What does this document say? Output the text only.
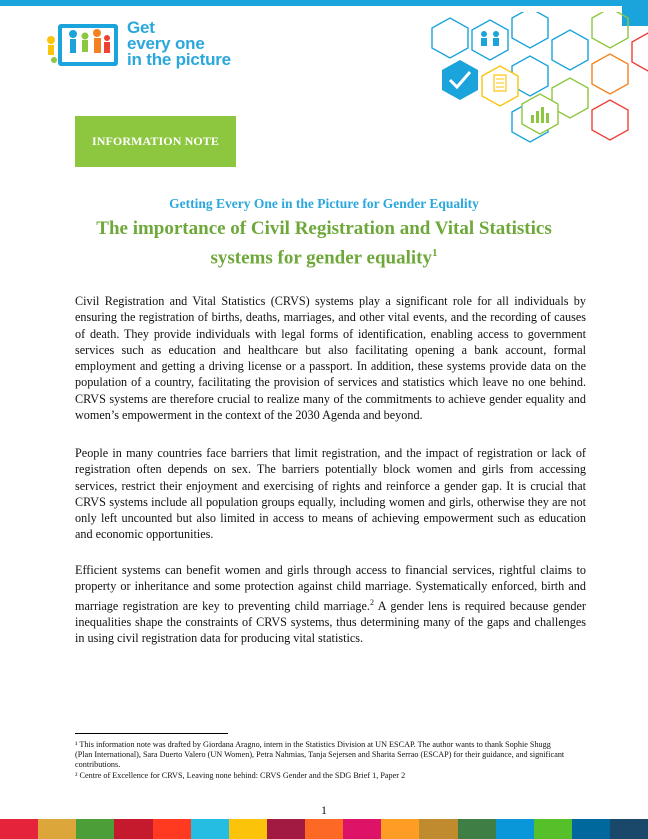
Get
every one
in the picture
INFORMATION NOTE
Getting Every One in the Picture for Gender Equality
The importance of Civil Registration and Vital Statistics
systems for gender equality$^1$

Civil Registration and Vital Statistics (CRVS) systems play a significant role for all individuals by ensuring the registration of births, deaths, marriages, and other vital events, and the recording of causes of death. They provide individuals with legal forms of identification, enabling access to government services such as education and healthcare but also facilitating opening a bank account, formal employment and getting a driving license or a passport. In addition, these systems provide data on the population of a country, facilitating the provision of services and statistics which leave no one behind. CRVS systems are therefore crucial to realize many of the commitments to achieve gender equality and women’s empowerment in the context of the 2030 Agenda and beyond.

People in many countries face barriers that limit registration, and the impact of registration or lack of registration often depends on sex. The barriers potentially block women and girls from accessing services, restrict their enjoyment and exercising of rights and reinforce a gender gap. It is crucial that CRVS systems include all population groups equally, including women and girls, otherwise they are not only left uncounted but also limited in access to means of achieving empowerment such as education and economic opportunities.

Efficient systems can benefit women and girls through access to financial services, rightful claims to property or inheritance and some protection against child marriage. Systematically enforced, birth and marriage registration are key to preventing child marriage.$^2$ A gender lens is required because gender inequalities shape the constraints of CRVS systems, thus determining many of the gaps and challenges in using civil registration data for producing vital statistics.

¹ This information note was drafted by Giordana Aragno, intern in the Statistics Division at UN ESCAP. The author wants to thank Sophie Shugg (Plan International), Sara Duerto Valero (UN Women), Petra Nahmias, Tanja Sejersen and Sharita Serrao (ESCAP) for their guidance, and significant contributions.

² Centre of Excellence for CRVS, Leaving none behind: CRVS Gender and the SDG Brief 1, Paper 2

1
